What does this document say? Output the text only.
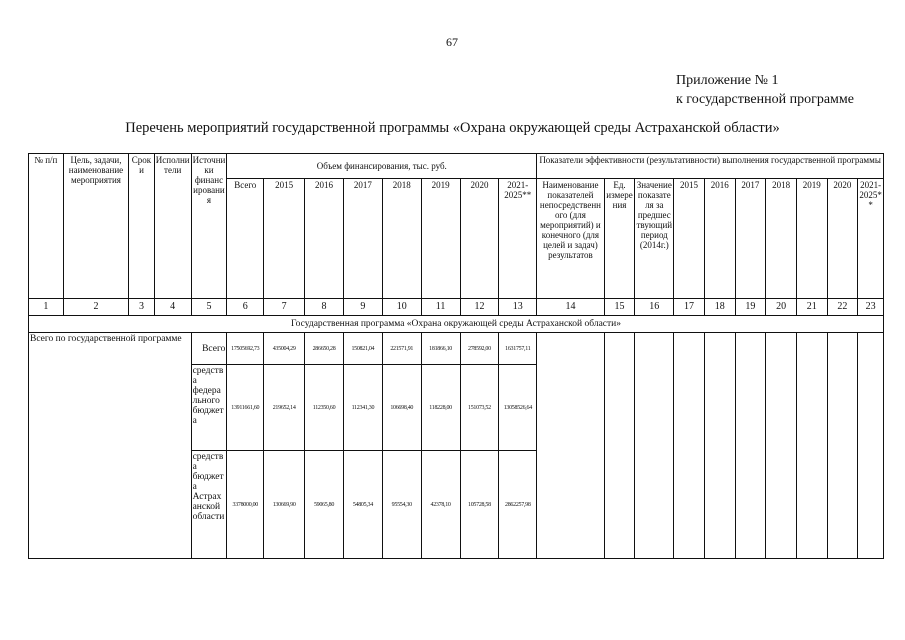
67
Приложение № 1
к государственной программе
Перечень мероприятий государственной программы «Охрана окружающей среды Астраханской области»
№ п/п	Цель, задачи, наименование мероприятия	Сроки	Исполнители	Источники финансирования	Объем финансирования, тыс. руб.								Показатели эффективности (результативности) выполнения государственной программы									
					Всего	2015	2016	2017	2018	2019	2020	2021-2025**	Наименование показателей непосредственного (для мероприятий) и конечного (для целей и задач) результатов	Ед. измерения	Значение показателя за предшествующий период (2014г.)	2015	2016	2017	2018	2019	2020	2021-2025**
1	2	3	4	5	6	7	8	9	10	11	12	13	14	15	16	17	18	19	20	21	22	23
Государственная программа «Охрана окружающей среды Астраханской области»																						
Всего по государственной программе				Всего	17505692,73	435004,29	286650,28	150821,04	221571,91	181866,10	278592,00	1631757,11										
				средства федерального бюджета	13911661,60	219652,14	112350,60	112341,30	106698,40	118228,00	151073,52	13058526,64										
				средства бюджета Астраханской области	3378000,00	130669,90	59065,80	54805,34	95554,30	42378,10	105728,58	2862257,98										
